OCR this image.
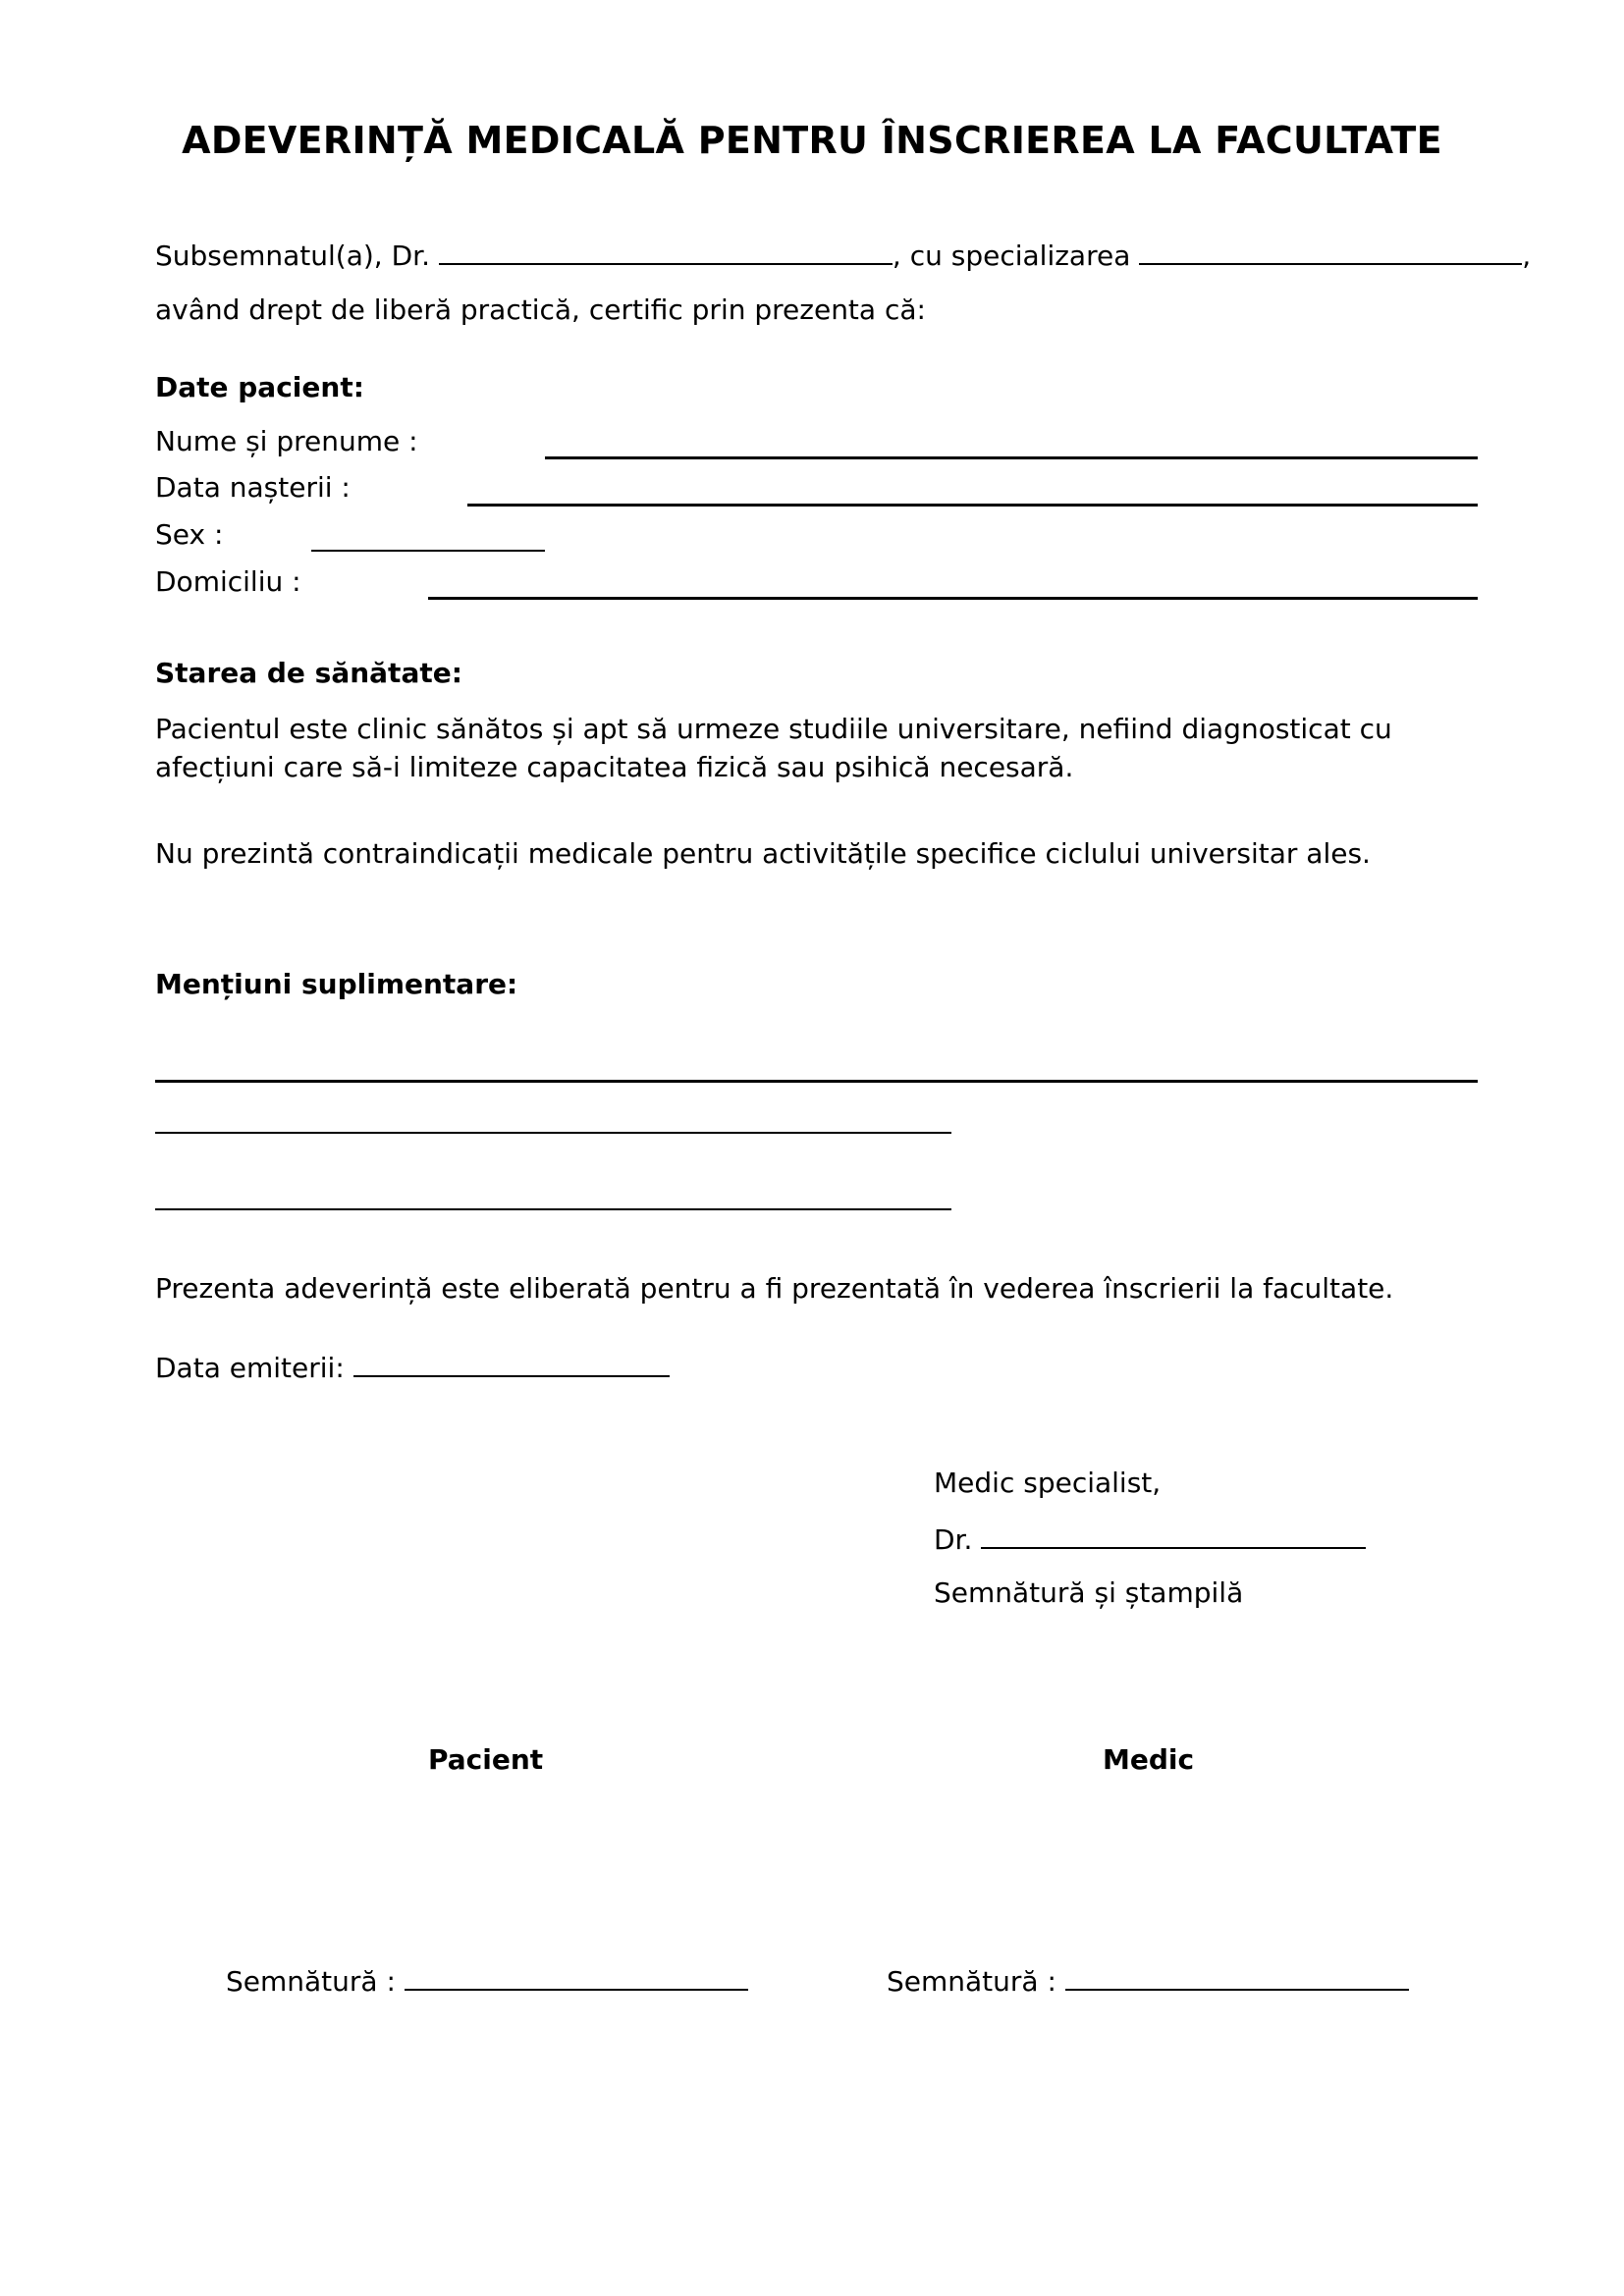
ADEVERINȚĂ MEDICALĂ PENTRU ÎNSCRIEREA LA FACULTATE
Subsemnatul(a), Dr.	, cu specializarea	,
având drept de liberă practică, certific prin prezenta că:
Date pacient:
Nume și prenume :
Data nașterii :
Sex :
Domiciliu :
Starea de sănătate:
Pacientul este clinic sănătos și apt să urmeze studiile universitare, nefiind diagnosticat cu
afecțiuni care să-i limiteze capacitatea fizică sau psihică necesară.
Nu prezintă contraindicații medicale pentru activitățile specifice ciclului universitar ales.
Mențiuni suplimentare:
Prezenta adeverință este eliberată pentru a fi prezentată în vederea înscrierii la facultate.
Data emiterii:
Medic specialist,
Dr.
Semnătură și ștampilă
Pacient	Medic
Semnătură :	Semnătură :
